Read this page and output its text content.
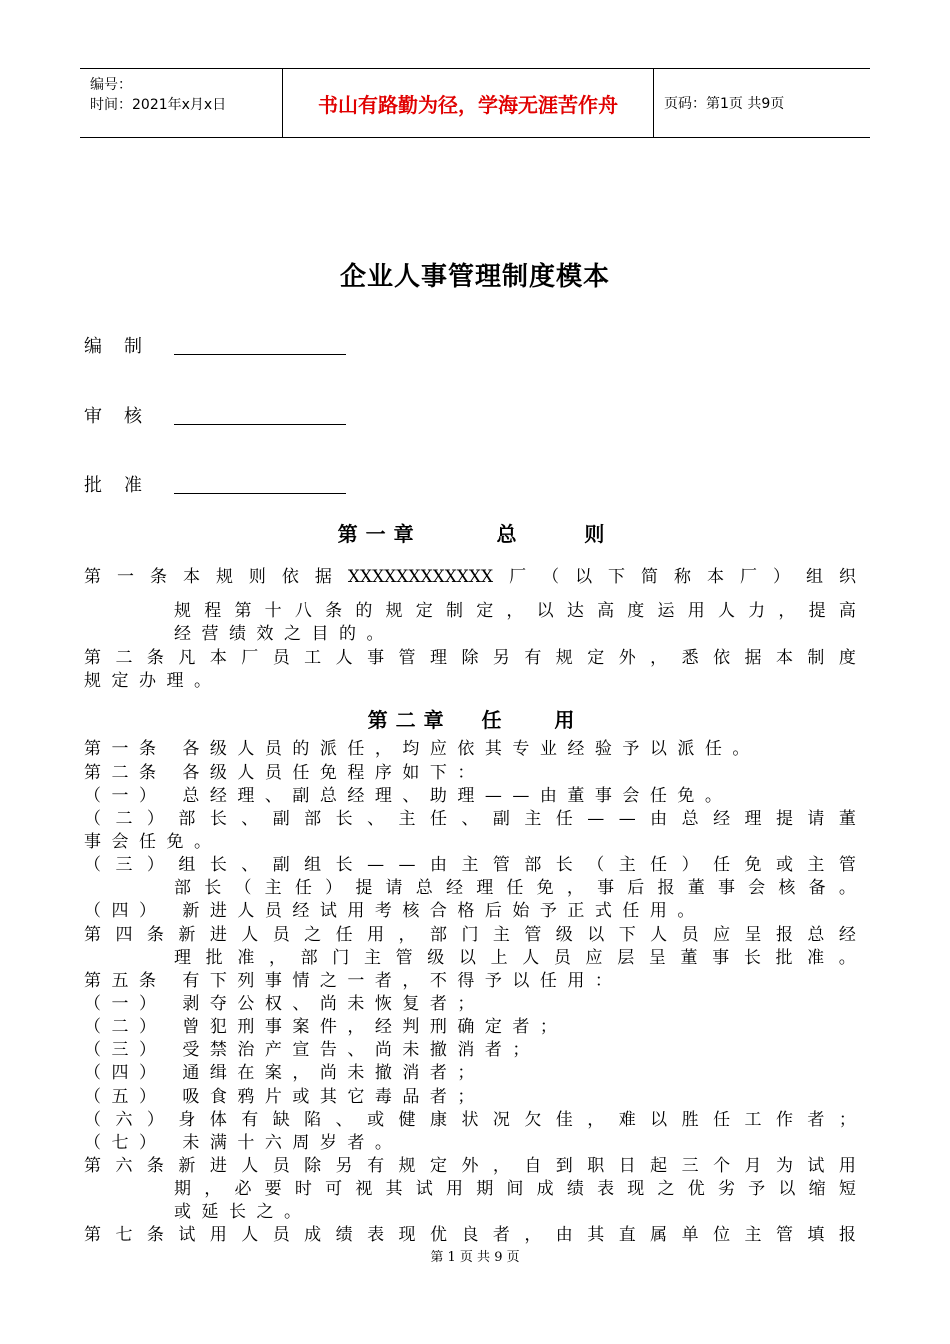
编号：
时间：2021年x月x日	书山有路勤为径，学海无涯苦作舟	页码：第1页 共9页
企业人事管理制度模本
编制
审核
批准
第一章     总    则
第 一 条 本 规 则 依 据 XXXXXXXXXXXX 厂 （ 以 下 简 称 本 厂 ） 组 织
规 程 第 十 八 条 的 规 定 制 定 ， 以 达 高 度 运 用 人 力 ， 提 高
经营绩效之目的。
第 二 条 凡 本 厂 员 工 人 事 管 理 除 另 有 规 定 外 ， 悉 依 据 本 制 度
规定办理。
第二章  任   用
第一条 各级人员的派任，均应依其专业经验予以派任。
第二条 各级人员任免程序如下：
（一） 总经理、副总经理、助理——由董事会任免。
（ 二 ） 部 长 、 副 部 长 、 主 任 、 副 主 任 — — 由 总 经 理 提 请 董
事会任免。
（ 三 ） 组 长 、 副 组 长 — — 由 主 管 部 长 （ 主 任 ） 任 免 或 主 管
部 长 （ 主 任 ） 提 请 总 经 理 任 免 ， 事 后 报 董 事 会 核 备 。
（四） 新进人员经试用考核合格后始予正式任用。
第 四 条 新 进 人 员 之 任 用 ， 部 门 主 管 级 以 下 人 员 应 呈 报 总 经
理 批 准 ， 部 门 主 管 级 以 上 人 员 应 层 呈 董 事 长 批 准 。
第五条 有下列事情之一者，不得予以任用：
（一） 剥夺公权、尚未恢复者；
（二） 曾犯刑事案件，经判刑确定者；
（三） 受禁治产宣告、尚未撤消者；
（四） 通缉在案，尚未撤消者；
（五） 吸食鸦片或其它毒品者；
（ 六 ） 身 体 有 缺 陷 、 或 健 康 状 况 欠 佳 ， 难 以 胜 任 工 作 者 ；
（七） 未满十六周岁者。
第 六 条 新 进 人 员 除 另 有 规 定 外 ， 自 到 职 日 起 三 个 月 为 试 用
期 ， 必 要 时 可 视 其 试 用 期 间 成 绩 表 现 之 优 劣 予 以 缩 短
或延长之。
第 七 条 试 用 人 员 成 绩 表 现 优 良 者 ， 由 其 直 属 单 位 主 管 填 报
第 1 页 共 9 页
